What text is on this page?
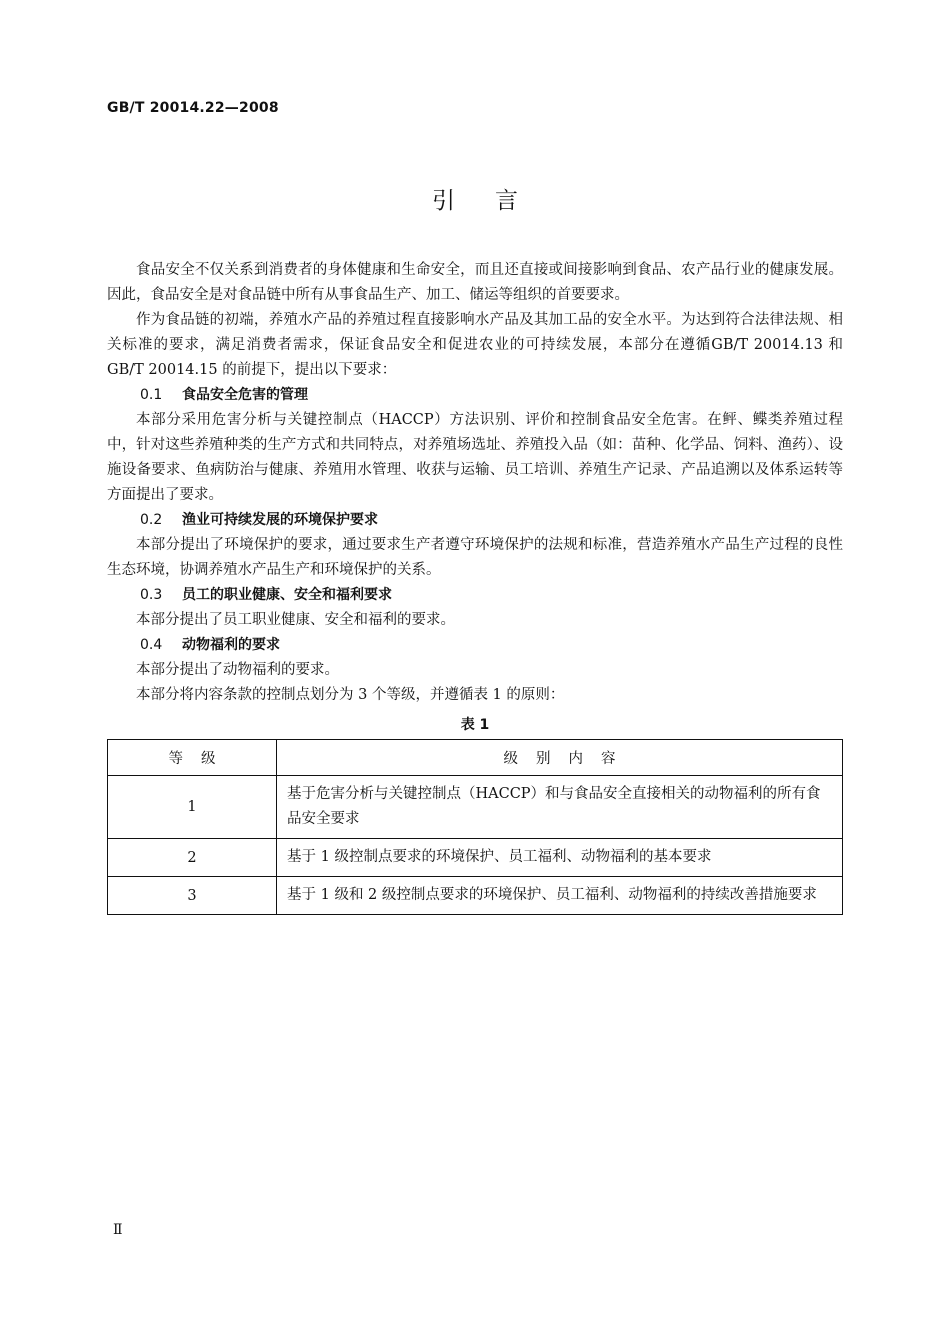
GB/T 20014.22—2008
引言

食品安全不仅关系到消费者的身体健康和生命安全，而且还直接或间接影响到食品、农产品行业的健康发展。因此，食品安全是对食品链中所有从事食品生产、加工、储运等组织的首要要求。

作为食品链的初端，养殖水产品的养殖过程直接影响水产品及其加工品的安全水平。为达到符合法律法规、相关标准的要求，满足消费者需求，保证食品安全和促进农业的可持续发展，本部分在遵循GB/T 20014.13 和 GB/T 20014.15 的前提下，提出以下要求：

0.1 食品安全危害的管理

本部分采用危害分析与关键控制点（HACCP）方法识别、评价和控制食品安全危害。在鲆、鲽类养殖过程中，针对这些养殖种类的生产方式和共同特点，对养殖场选址、养殖投入品（如：苗种、化学品、饲料、渔药）、设施设备要求、鱼病防治与健康、养殖用水管理、收获与运输、员工培训、养殖生产记录、产品追溯以及体系运转等方面提出了要求。

0.2 渔业可持续发展的环境保护要求

本部分提出了环境保护的要求，通过要求生产者遵守环境保护的法规和标准，营造养殖水产品生产过程的良性生态环境，协调养殖水产品生产和环境保护的关系。

0.3 员工的职业健康、安全和福利要求

本部分提出了员工职业健康、安全和福利的要求。

0.4 动物福利的要求

本部分提出了动物福利的要求。

本部分将内容条款的控制点划分为 3 个等级，并遵循表 1 的原则：

表 1
等级	级别内容
1	基于危害分析与关键控制点（HACCP）和与食品安全直接相关的动物福利的所有食品安全要求
2	基于 1 级控制点要求的环境保护、员工福利、动物福利的基本要求
3	基于 1 级和 2 级控制点要求的环境保护、员工福利、动物福利的持续改善措施要求
Ⅱ
